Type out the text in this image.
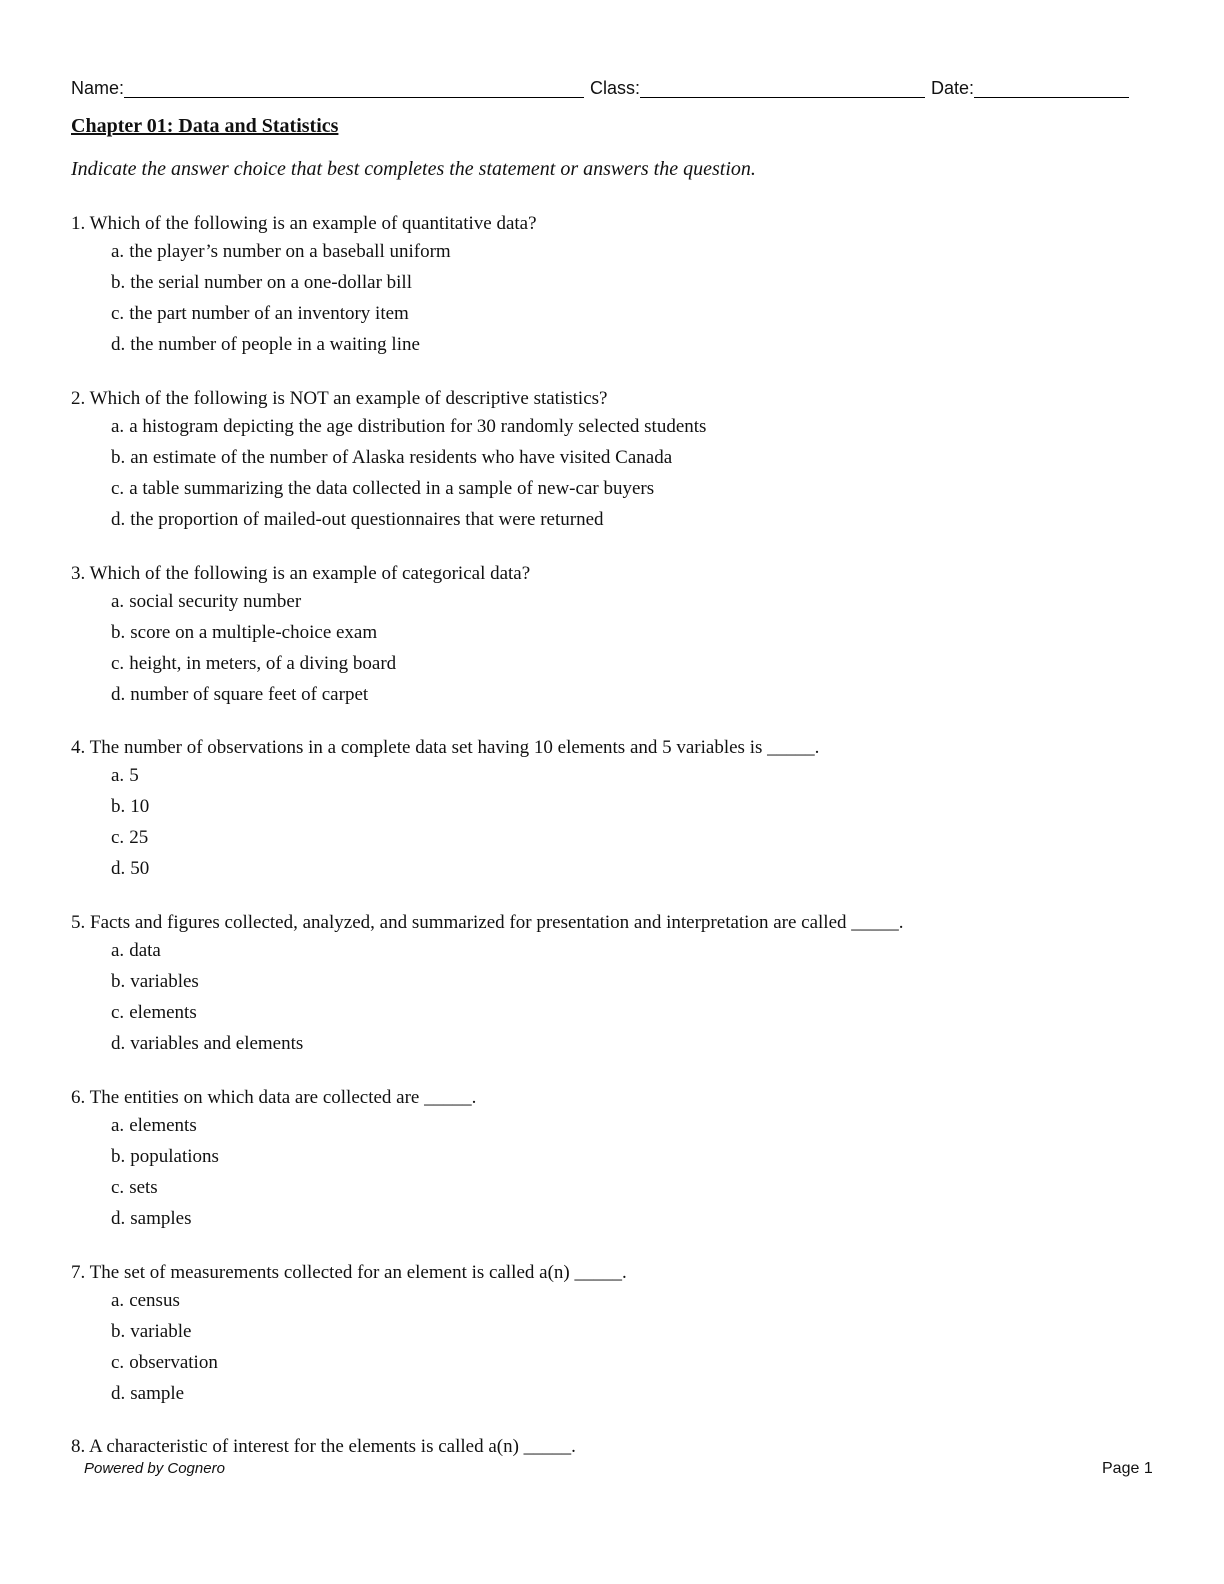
Name:	Class:	Date:
Chapter 01: Data and Statistics
Indicate the answer choice that best completes the statement or answers the question.
1. Which of the following is an example of quantitative data?
a. the player’s number on a baseball uniform
b. the serial number on a one-dollar bill
c. the part number of an inventory item
d. the number of people in a waiting line
2. Which of the following is NOT an example of descriptive statistics?
a. a histogram depicting the age distribution for 30 randomly selected students
b. an estimate of the number of Alaska residents who have visited Canada
c. a table summarizing the data collected in a sample of new-car buyers
d. the proportion of mailed-out questionnaires that were returned
3. Which of the following is an example of categorical data?
a. social security number
b. score on a multiple-choice exam
c. height, in meters, of a diving board
d. number of square feet of carpet
4. The number of observations in a complete data set having 10 elements and 5 variables is _____.
a. 5
b. 10
c. 25
d. 50
5. Facts and figures collected, analyzed, and summarized for presentation and interpretation are called _____.
a. data
b. variables
c. elements
d. variables and elements
6. The entities on which data are collected are _____.
a. elements
b. populations
c. sets
d. samples
7. The set of measurements collected for an element is called a(n) _____.
a. census
b. variable
c. observation
d. sample
8. A characteristic of interest for the elements is called a(n) _____.
Powered by Cognero	Page 1
